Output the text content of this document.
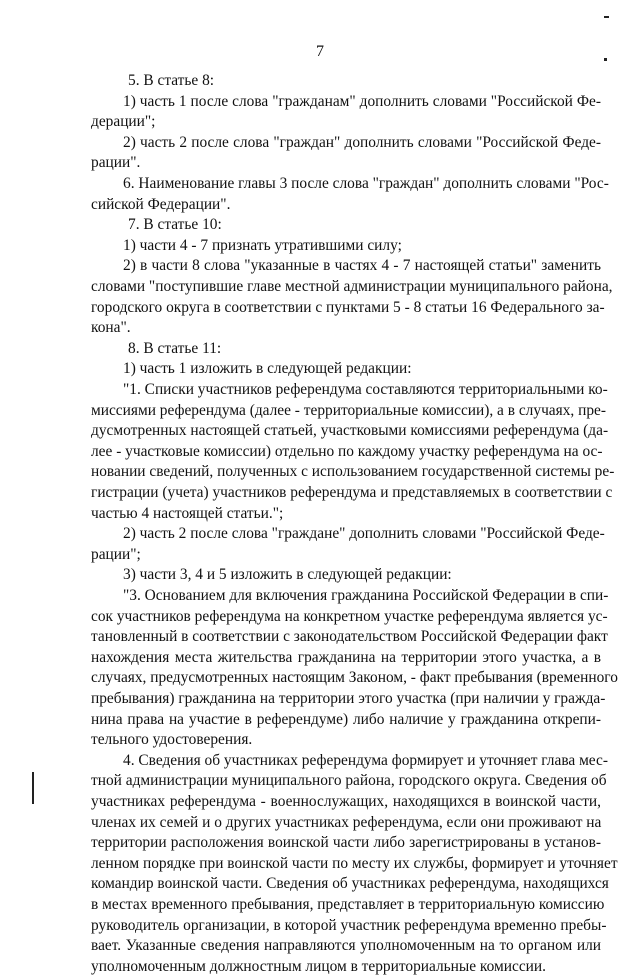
7
5. В статье 8:
1) часть 1 после слова "гражданам" дополнить словами "Российской Фе-
дерации";
2) часть 2 после слова "граждан" дополнить словами "Российской Феде-
рации".
6. Наименование главы 3 после слова "граждан" дополнить словами "Рос-
сийской Федерации".
7. В статье 10:
1) части 4 - 7 признать утратившими силу;
2) в части 8 слова "указанные в частях 4 - 7 настоящей статьи" заменить
словами "поступившие главе местной администрации муниципального района,
городского округа в соответствии с пунктами 5 - 8 статьи 16 Федерального за-
кона".
8. В статье 11:
1) часть 1 изложить в следующей редакции:
"1. Списки участников референдума составляются территориальными ко-
миссиями референдума (далее - территориальные комиссии), а в случаях, пре-
дусмотренных настоящей статьей, участковыми комиссиями референдума (да-
лее - участковые комиссии) отдельно по каждому участку референдума на ос-
новании сведений, полученных с использованием государственной системы ре-
гистрации (учета) участников референдума и представляемых в соответствии с
частью 4 настоящей статьи.";
2) часть 2 после слова "граждане" дополнить словами "Российской Феде-
рации";
3) части 3, 4 и 5 изложить в следующей редакции:
"3. Основанием для включения гражданина Российской Федерации в спи-
сок участников референдума на конкретном участке референдума является ус-
тановленный в соответствии с законодательством Российской Федерации факт
нахождения места жительства гражданина на территории этого участка, а в
случаях, предусмотренных настоящим Законом, - факт пребывания (временного
пребывания) гражданина на территории этого участка (при наличии у гражда-
нина права на участие в референдуме) либо наличие у гражданина открепи-
тельного удостоверения.
4. Сведения об участниках референдума формирует и уточняет глава мес-
тной администрации муниципального района, городского округа. Сведения об
участниках референдума - военнослужащих, находящихся в воинской части,
членах их семей и о других участниках референдума, если они проживают на
территории расположения воинской части либо зарегистрированы в установ-
ленном порядке при воинской части по месту их службы, формирует и уточняет
командир воинской части. Сведения об участниках референдума, находящихся
в местах временного пребывания, представляет в территориальную комиссию
руководитель организации, в которой участник референдума временно пребы-
вает. Указанные сведения направляются уполномоченным на то органом или
уполномоченным должностным лицом в территориальные комиссии.
